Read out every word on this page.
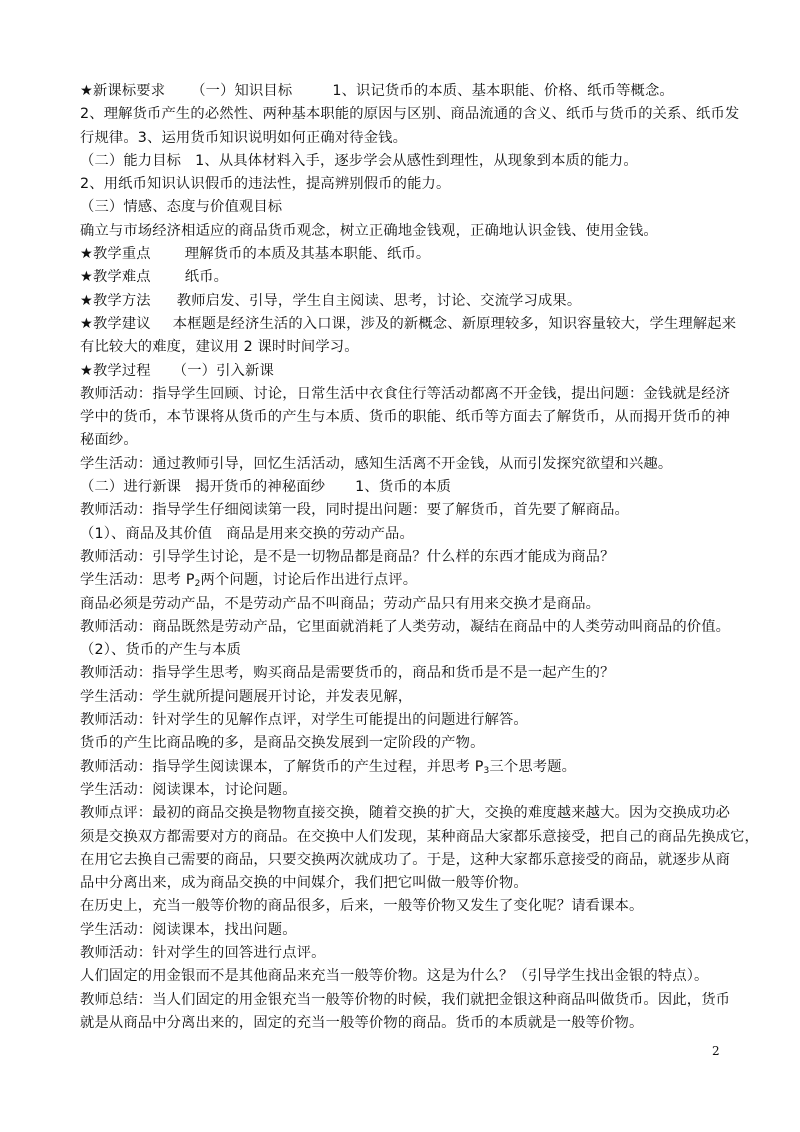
★新课标要求 （一）知识目标	1、识记货币的本质、基本职能、价格、纸币等概念。
2、理解货币产生的必然性、两种基本职能的原因与区别、商品流通的含义、纸币与货币的关系、纸币发
行规律。3、运用货币知识说明如何正确对待金钱。
（二）能力目标 1、从具体材料入手，逐步学会从感性到理性，从现象到本质的能力。
2、用纸币知识认识假币的违法性，提高辨别假币的能力。
（三）情感、态度与价值观目标
确立与市场经济相适应的商品货币观念，树立正确地金钱观，正确地认识金钱、使用金钱。
★教学重点 理解货币的本质及其基本职能、纸币。
★教学难点 纸币。
★教学方法 教师启发、引导，学生自主阅读、思考，讨论、交流学习成果。
★教学建议 本框题是经济生活的入口课，涉及的新概念、新原理较多，知识容量较大，学生理解起来
有比较大的难度，建议用 2 课时时间学习。
★教学过程 （一）引入新课
教师活动：指导学生回顾、讨论，日常生活中衣食住行等活动都离不开金钱，提出问题：金钱就是经济
学中的货币，本节课将从货币的产生与本质、货币的职能、纸币等方面去了解货币，从而揭开货币的神
秘面纱。
学生活动：通过教师引导，回忆生活活动，感知生活离不开金钱，从而引发探究欲望和兴趣。
（二）进行新课 揭开货币的神秘面纱 1、货币的本质
教师活动：指导学生仔细阅读第一段，同时提出问题：要了解货币，首先要了解商品。
（1）、商品及其价值 商品是用来交换的劳动产品。
教师活动：引导学生讨论，是不是一切物品都是商品？什么样的东西才能成为商品？
学生活动：思考 $P_2$两个问题，讨论后作出进行点评。
商品必须是劳动产品，不是劳动产品不叫商品；劳动产品只有用来交换才是商品。
教师活动：商品既然是劳动产品，它里面就消耗了人类劳动，凝结在商品中的人类劳动叫商品的价值。
（2）、货币的产生与本质
教师活动：指导学生思考，购买商品是需要货币的，商品和货币是不是一起产生的？
学生活动：学生就所提问题展开讨论，并发表见解，
教师活动：针对学生的见解作点评，对学生可能提出的问题进行解答。
货币的产生比商品晚的多，是商品交换发展到一定阶段的产物。
教师活动：指导学生阅读课本，了解货币的产生过程，并思考 $P_3$三个思考题。
学生活动：阅读课本，讨论问题。
教师点评：最初的商品交换是物物直接交换，随着交换的扩大，交换的难度越来越大。因为交换成功必
须是交换双方都需要对方的商品。在交换中人们发现，某种商品大家都乐意接受，把自己的商品先换成它，
在用它去换自己需要的商品，只要交换两次就成功了。于是，这种大家都乐意接受的商品，就逐步从商
品中分离出来，成为商品交换的中间媒介，我们把它叫做一般等价物。
在历史上，充当一般等价物的商品很多，后来，一般等价物又发生了变化呢？请看课本。
学生活动：阅读课本，找出问题。
教师活动：针对学生的回答进行点评。
人们固定的用金银而不是其他商品来充当一般等价物。这是为什么？（引导学生找出金银的特点）。
教师总结：当人们固定的用金银充当一般等价物的时候，我们就把金银这种商品叫做货币。因此，货币
就是从商品中分离出来的，固定的充当一般等价物的商品。货币的本质就是一般等价物。
2
